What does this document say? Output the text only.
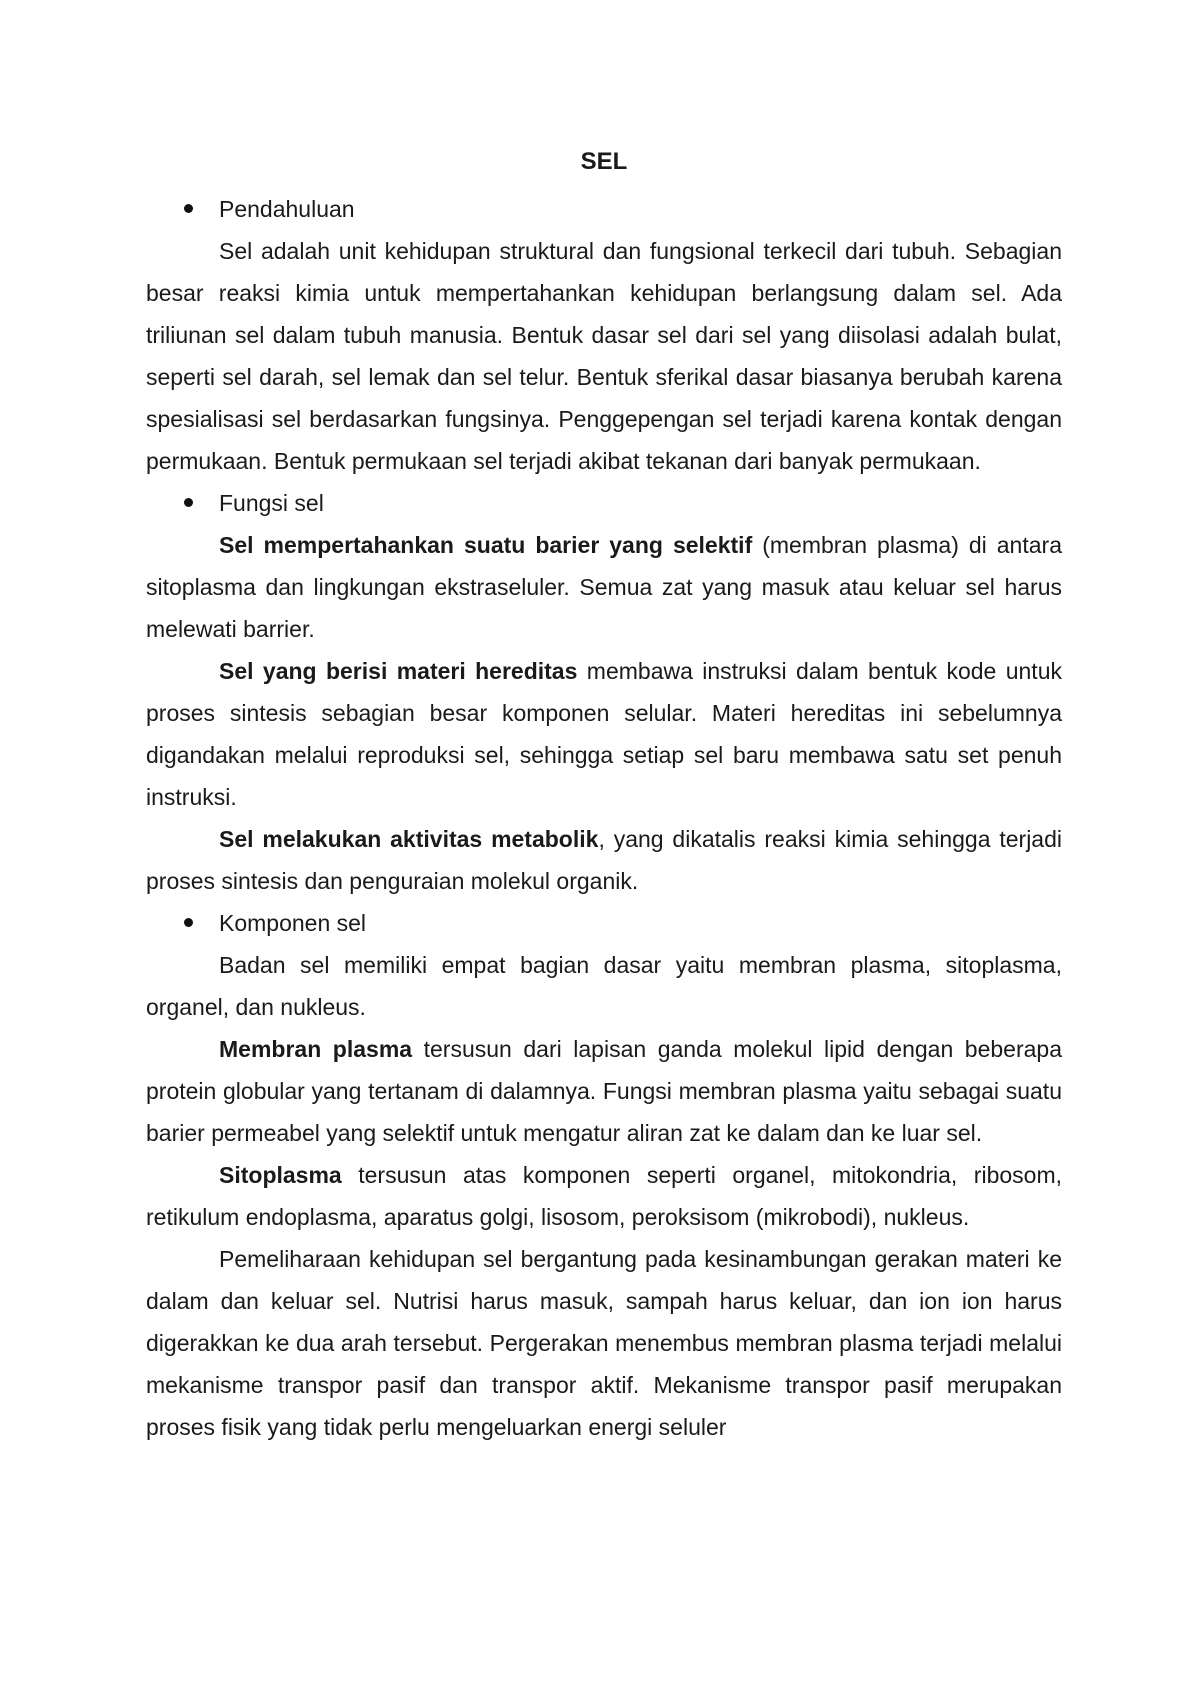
SEL
Pendahuluan

Sel adalah unit kehidupan struktural dan fungsional terkecil dari tubuh. Sebagian besar reaksi kimia untuk mempertahankan kehidupan berlangsung dalam sel. Ada triliunan sel dalam tubuh manusia. Bentuk dasar sel dari sel yang diisolasi adalah bulat, seperti sel darah, sel lemak dan sel telur. Bentuk sferikal dasar biasanya berubah karena spesialisasi sel berdasarkan fungsinya. Penggepengan sel terjadi karena kontak dengan permukaan. Bentuk permukaan sel terjadi akibat tekanan dari banyak permukaan.

Fungsi sel

Sel mempertahankan suatu barier yang selektif (membran plasma) di antara sitoplasma dan lingkungan ekstraseluler. Semua zat yang masuk atau keluar sel harus melewati barrier.

Sel yang berisi materi hereditas membawa instruksi dalam bentuk kode untuk proses sintesis sebagian besar komponen selular. Materi hereditas ini sebelumnya digandakan melalui reproduksi sel, sehingga setiap sel baru membawa satu set penuh instruksi.

Sel melakukan aktivitas metabolik, yang dikatalis reaksi kimia sehingga terjadi proses sintesis dan penguraian molekul organik.

Komponen sel

Badan sel memiliki empat bagian dasar yaitu membran plasma, sitoplasma, organel, dan nukleus.

Membran plasma tersusun dari lapisan ganda molekul lipid dengan beberapa protein globular yang tertanam di dalamnya. Fungsi membran plasma yaitu sebagai suatu barier permeabel yang selektif untuk mengatur aliran zat ke dalam dan ke luar sel.

Sitoplasma tersusun atas komponen seperti organel, mitokondria, ribosom, retikulum endoplasma, aparatus golgi, lisosom, peroksisom (mikrobodi), nukleus.

Pemeliharaan kehidupan sel bergantung pada kesinambungan gerakan materi ke dalam dan keluar sel. Nutrisi harus masuk, sampah harus keluar, dan ion ion harus digerakkan ke dua arah tersebut. Pergerakan menembus membran plasma terjadi melalui mekanisme transpor pasif dan transpor aktif. Mekanisme transpor pasif merupakan proses fisik yang tidak perlu mengeluarkan energi seluler
